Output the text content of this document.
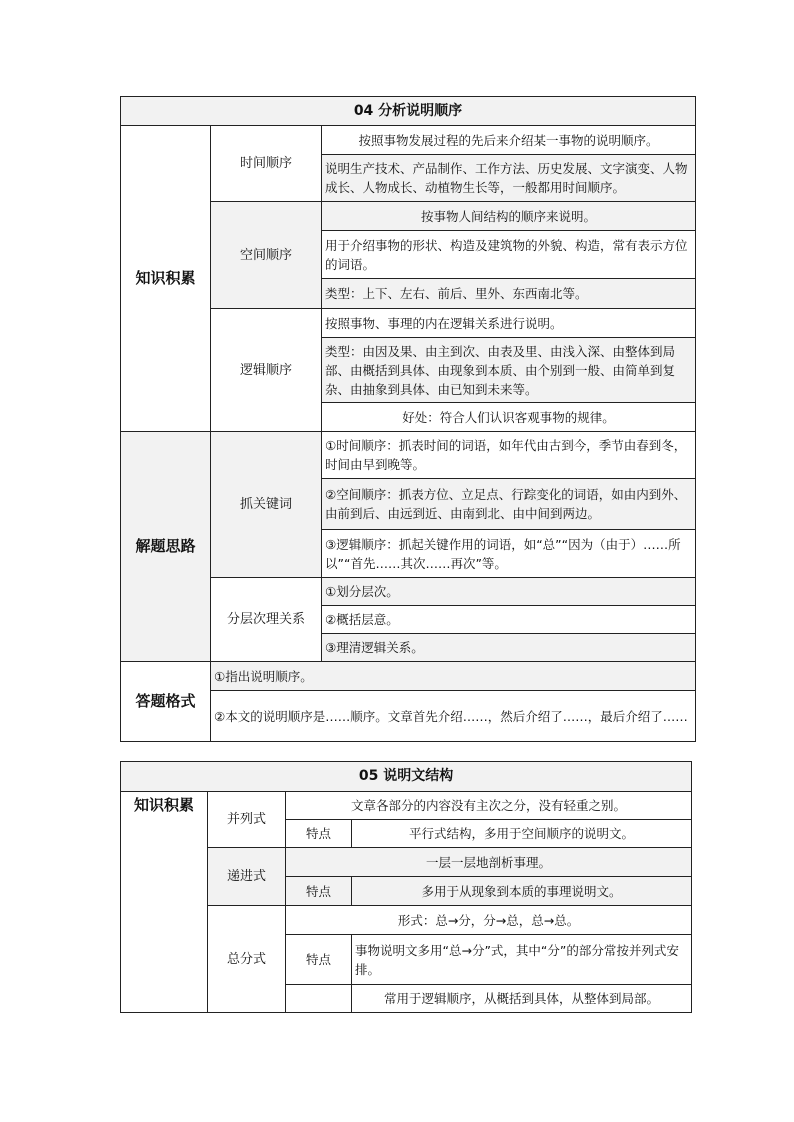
04 分析说明顺序		
知识积累	时间顺序	按照事物发展过程的先后来介绍某一事物的说明顺序。
		说明生产技术、产品制作、工作方法、历史发展、文字演变、人物成长、人物成长、动植物生长等，一般都用时间顺序。
	空间顺序	按事物人间结构的顺序来说明。
		用于介绍事物的形状、构造及建筑物的外貌、构造，常有表示方位的词语。
		类型：上下、左右、前后、里外、东西南北等。
	逻辑顺序	按照事物、事理的内在逻辑关系进行说明。
		类型：由因及果、由主到次、由表及里、由浅入深、由整体到局部、由概括到具体、由现象到本质、由个别到一般、由简单到复杂、由抽象到具体、由已知到未来等。
		好处：符合人们认识客观事物的规律。
解题思路	抓关键词	①时间顺序：抓表时间的词语，如年代由古到今，季节由春到冬，时间由早到晚等。
		②空间顺序：抓表方位、立足点、行踪变化的词语，如由内到外、由前到后、由远到近、由南到北、由中间到两边。
		③逻辑顺序：抓起关键作用的词语，如“总”“因为（由于）……所以”“首先……其次……再次”等。
	分层次理关系	①划分层次。
		②概括层意。
		③理清逻辑关系。
答题格式	①指出说明顺序。	
	②本文的说明顺序是……顺序。文章首先介绍……，然后介绍了……，最后介绍了……	
05 说明文结构			
知识积累	并列式	文章各部分的内容没有主次之分，没有轻重之别。	
		特点	平行式结构，多用于空间顺序的说明文。
	递进式	一层一层地剖析事理。	
		特点	多用于从现象到本质的事理说明文。
	总分式	形式：总→分，分→总，总→总。	
		特点	事物说明文多用“总→分”式，其中“分”的部分常按并列式安排。
			常用于逻辑顺序，从概括到具体，从整体到局部。
